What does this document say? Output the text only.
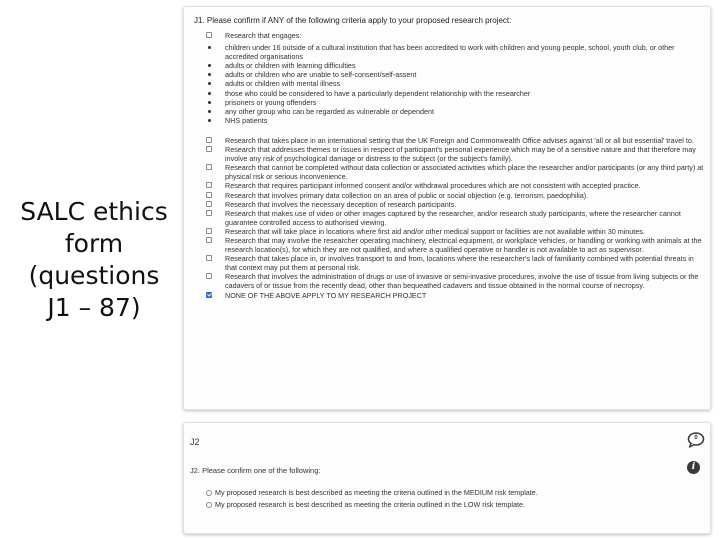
SALC ethics form (questions J1 – 87)
J1. Please confirm if ANY of the following criteria apply to your proposed research project:
Research that engages:
children under 16 outside of a cultural institution that has been accredited to work with children and young people, school, youth club, or other accredited organisations
adults or children with learning difficulties
adults or children who are unable to self-consent/self-assent
adults or children with mental illness
those who could be considered to have a particularly dependent relationship with the researcher
prisoners or young offenders
any other group who can be regarded as vulnerable or dependent
NHS patients
Research that takes place in an international setting that the UK Foreign and Commonwealth Office advises against 'all or all but essential' travel to.
Research that addresses themes or issues in respect of participant's personal experience which may be of a sensitive nature and that therefore may involve any risk of psychological damage or distress to the subject (or the subject's family).
Research that cannot be completed without data collection or associated activities which place the researcher and/or participants (or any third party) at physical risk or serious inconvenience.
Research that requires participant informed consent and/or withdrawal procedures which are not consistent with accepted practice.
Research that involves primary data collection on an area of public or social objection (e.g. terrorism, paedophilia).
Research that involves the necessary deception of research participants.
Research that makes use of video or other images captured by the researcher, and/or research study participants, where the researcher cannot guarantee controlled access to authorised viewing.
Research that will take place in locations where first aid and/or other medical support or facilities are not available within 30 minutes.
Research that may involve the researcher operating machinery, electrical equipment, or workplace vehicles, or handling or working with animals at the research location(s), for which they are not qualified, and where a qualified operative or handler is not available to act as supervisor.
Research that takes place in, or involves transport to and from, locations where the researcher's lack of familiarity combined with potential threats in that context may put them at personal risk.
Research that involves the administration of drugs or use of invasive or semi-invasive procedures, involve the use of tissue from living subjects or the cadavers of or tissue from the recently dead, other than bequeathed cadavers and tissue obtained in the normal course of necropsy.
NONE OF THE ABOVE APPLY TO MY RESEARCH PROJECT
J2	0
J2. Please confirm one of the following:	i
My proposed research is best described as meeting the criteria outlined in the MEDIUM risk template.
My proposed research is best described as meeting the criteria outlined in the LOW risk template.
